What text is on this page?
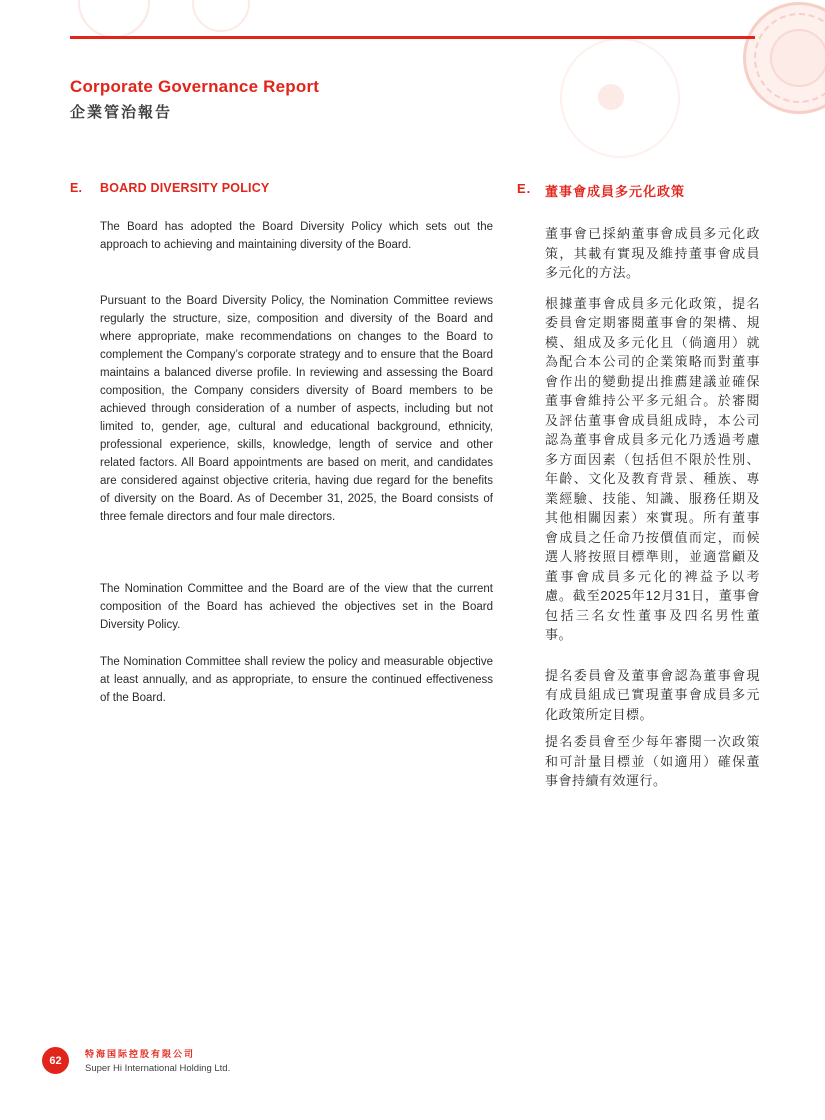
Corporate Governance Report
企業管治報告
E.	BOARD DIVERSITY POLICY

The Board has adopted the Board Diversity Policy which sets out the approach to achieving and maintaining diversity of the Board.

Pursuant to the Board Diversity Policy, the Nomination Committee reviews regularly the structure, size, composition and diversity of the Board and where appropriate, make recommendations on changes to the Board to complement the Company’s corporate strategy and to ensure that the Board maintains a balanced diverse profile. In reviewing and assessing the Board composition, the Company considers diversity of Board members to be achieved through consideration of a number of aspects, including but not limited to, gender, age, cultural and educational background, ethnicity, professional experience, skills, knowledge, length of service and other related factors. All Board appointments are based on merit, and candidates are considered against objective criteria, having due regard for the benefits of diversity on the Board. As of December 31, 2025, the Board consists of three female directors and four male directors.

The Nomination Committee and the Board are of the view that the current composition of the Board has achieved the objectives set in the Board Diversity Policy.

The Nomination Committee shall review the policy and measurable objective at least annually, and as appropriate, to ensure the continued effectiveness of the Board.

E.	董事會成員多元化政策

董事會已採納董事會成員多元化政策，其載有實現及維持董事會成員多元化的方法。

根據董事會成員多元化政策，提名委員會定期審閱董事會的架構、規模、組成及多元化且（倘適用）就為配合本公司的企業策略而對董事會作出的變動提出推薦建議並確保董事會維持公平多元組合。於審閱及評估董事會成員組成時，本公司認為董事會成員多元化乃透過考慮多方面因素（包括但不限於性別、年齡、文化及教育背景、種族、專業經驗、技能、知識、服務任期及其他相關因素）來實現。所有董事會成員之任命乃按價值而定，而候選人將按照目標準則，並適當顧及董事會成員多元化的裨益予以考慮。截至2025年12月31日，董事會包括三名女性董事及四名男性董事。

提名委員會及董事會認為董事會現有成員組成已實現董事會成員多元化政策所定目標。

提名委員會至少每年審閱一次政策和可計量目標並（如適用）確保董事會持續有效運行。

62
特海国际控股有限公司
Super Hi International Holding Ltd.
